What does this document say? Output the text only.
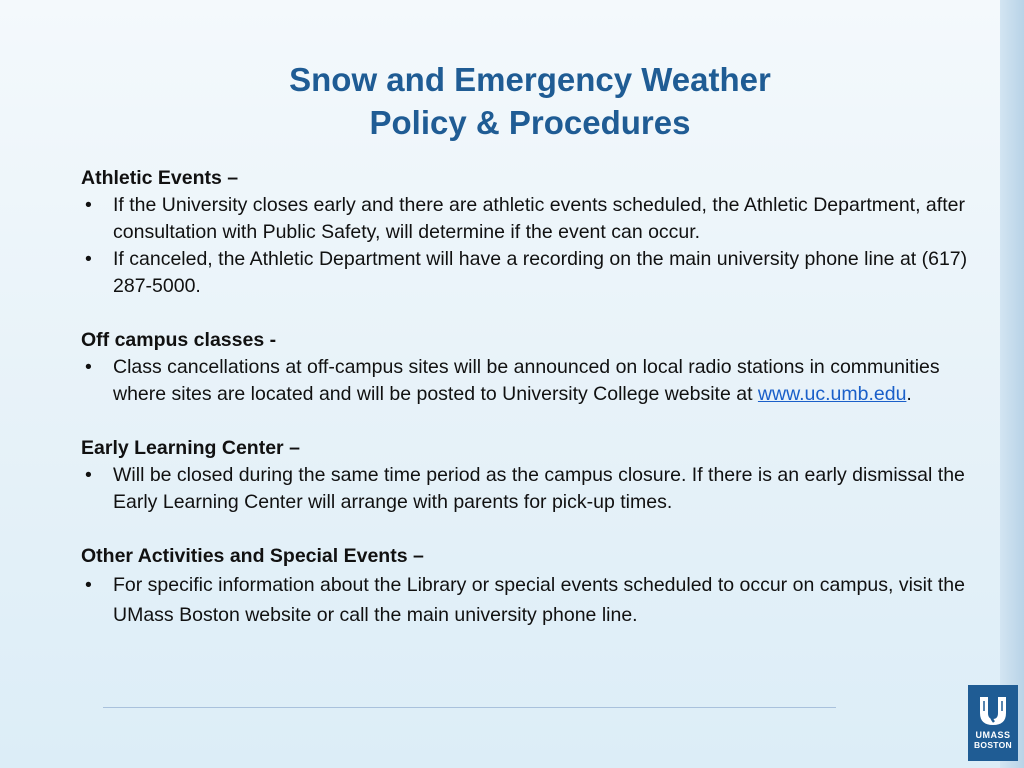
Snow and Emergency Weather
Policy & Procedures
Athletic Events –
• If the University closes early and there are athletic events scheduled, the Athletic Department, after consultation with Public Safety, will determine if the event can occur.
• If canceled, the Athletic Department will have a recording on the main university phone line at (617) 287-5000.
Off campus classes -
• Class cancellations at off-campus sites will be announced on local radio stations in communities where sites are located and will be posted to University College website at www.uc.umb.edu.
Early Learning Center –
• Will be closed during the same time period as the campus closure. If there is an early dismissal the Early Learning Center will arrange with parents for pick-up times.
Other Activities and Special Events –
• For specific information about the Library or special events scheduled to occur on campus, visit the UMass Boston website or call the main university phone line.
UMASS
BOSTON
